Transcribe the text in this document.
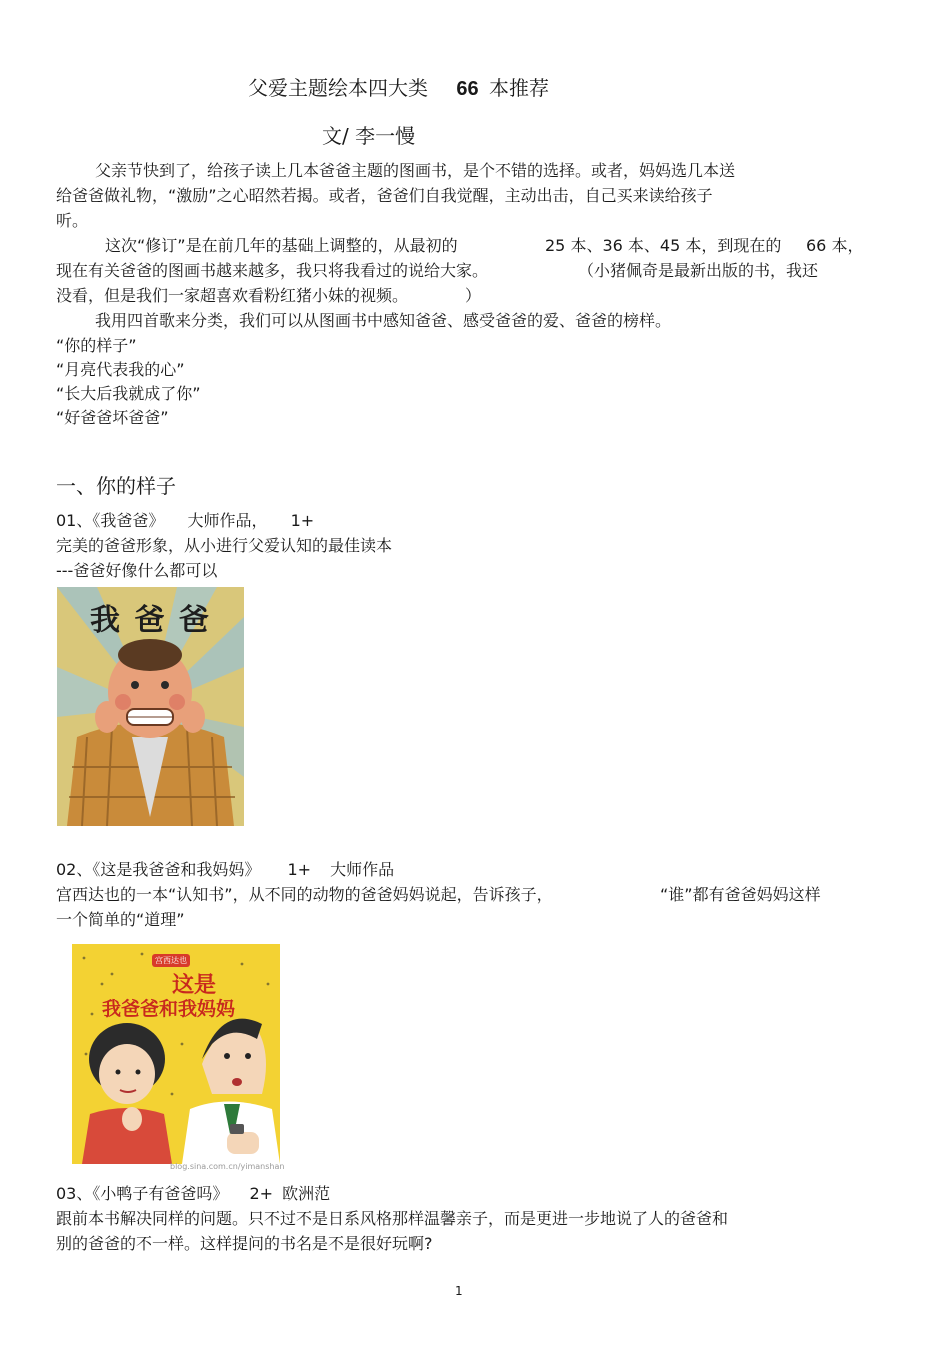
父爱主题绘本四大类 66 本推荐
文/ 李一慢
父亲节快到了，给孩子读上几本爸爸主题的图画书，是个不错的选择。或者，妈妈选几本送
给爸爸做礼物，“激励”之心昭然若揭。或者，爸爸们自我觉醒，主动出击，自己买来读给孩子
听。
这次“修订”是在前几年的基础上调整的，从最初的	25 本、36 本、45 本，到现在的 66 本，
现在有关爸爸的图画书越来越多，我只将我看过的说给大家。	（小猪佩奇是最新出版的书，我还
没看，但是我们一家超喜欢看粉红猪小妹的视频。	）
我用四首歌来分类，我们可以从图画书中感知爸爸、感受爸爸的爱、爸爸的榜样。
“你的样子”
“月亮代表我的心”
“长大后我就成了你”
“好爸爸坏爸爸”
一、你的样子
01、《我爸爸》 大师作品， 1+
完美的爸爸形象，从小进行父爱认知的最佳读本
---爸爸好像什么都可以
我 爸 爸
02、《这是我爸爸和我妈妈》 1+ 大师作品
宫西达也的一本“认知书”，从不同的动物的爸爸妈妈说起，告诉孩子，	“谁”都有爸爸妈妈这样
一个简单的“道理”
宫西达也
这是
我爸爸和我妈妈
blog.sina.com.cn/yimanshan
03、《小鸭子有爸爸吗》 2+ 欧洲范
跟前本书解决同样的问题。只不过不是日系风格那样温馨亲子，而是更进一步地说了人的爸爸和
别的爸爸的不一样。这样提问的书名是不是很好玩啊?
1
